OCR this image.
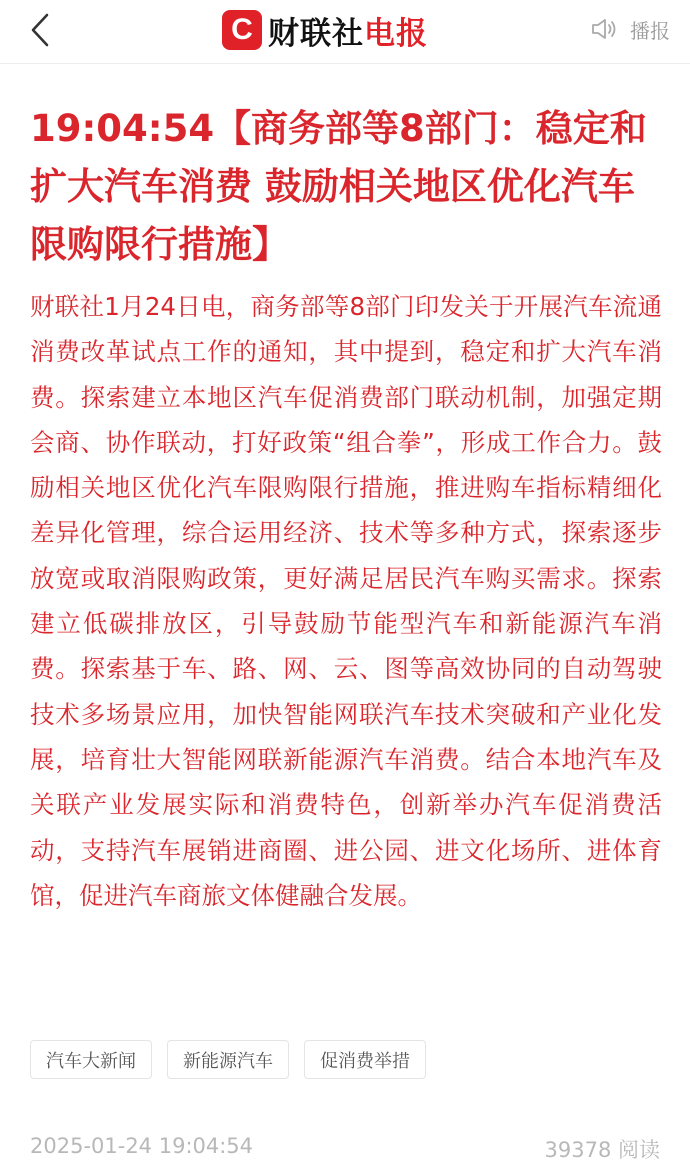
C 财联社电报	播报
19:04:54【商务部等8部门：稳定和扩大汽车消费 鼓励相关地区优化汽车限购限行措施】
财联社1月24日电，商务部等8部门印发关于开展汽车流通消费改革试点工作的通知，其中提到，稳定和扩大汽车消费。探索建立本地区汽车促消费部门联动机制，加强定期会商、协作联动，打好政策“组合拳”，形成工作合力。鼓励相关地区优化汽车限购限行措施，推进购车指标精细化差异化管理，综合运用经济、技术等多种方式，探索逐步放宽或取消限购政策，更好满足居民汽车购买需求。探索建立低碳排放区，引导鼓励节能型汽车和新能源汽车消费。探索基于车、路、网、云、图等高效协同的自动驾驶技术多场景应用，加快智能网联汽车技术突破和产业化发展，培育壮大智能网联新能源汽车消费。结合本地汽车及关联产业发展实际和消费特色，创新举办汽车促消费活动，支持汽车展销进商圈、进公园、进文化场所、进体育馆，促进汽车商旅文体健融合发展。
汽车大新闻	新能源汽车	促消费举措
2025-01-24 19:04:54	39378 阅读
